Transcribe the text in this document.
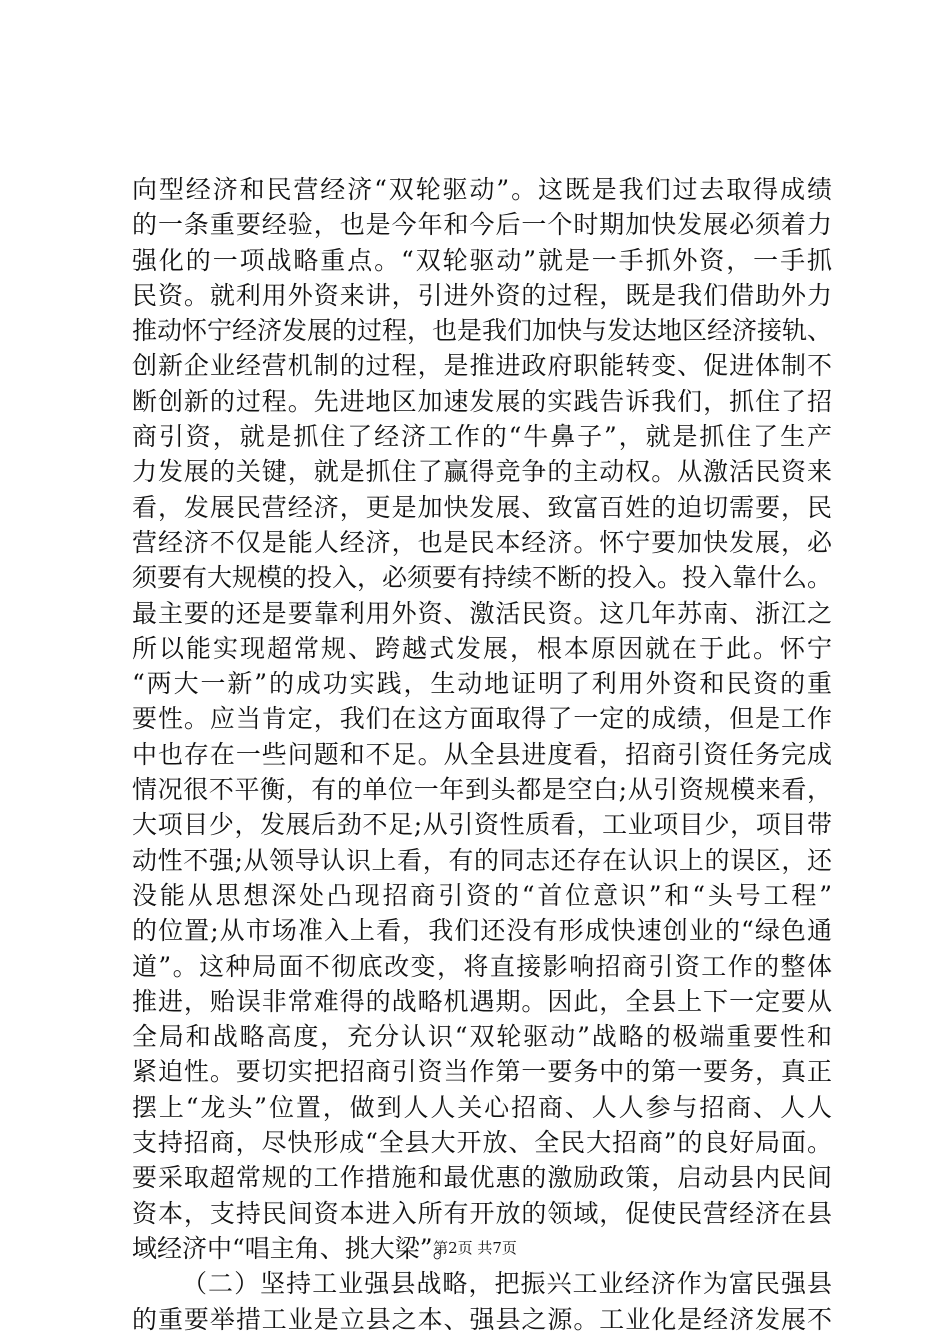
向型经济和民营经济“双轮驱动”。这既是我们过去取得成绩
的一条重要经验，也是今年和今后一个时期加快发展必须着力
强化的一项战略重点。“双轮驱动”就是一手抓外资，一手抓
民资。就利用外资来讲，引进外资的过程，既是我们借助外力
推动怀宁经济发展的过程，也是我们加快与发达地区经济接轨、
创新企业经营机制的过程，是推进政府职能转变、促进体制不
断创新的过程。先进地区加速发展的实践告诉我们，抓住了招
商引资，就是抓住了经济工作的“牛鼻子”，就是抓住了生产
力发展的关键，就是抓住了赢得竞争的主动权。从激活民资来
看，发展民营经济，更是加快发展、致富百姓的迫切需要，民
营经济不仅是能人经济，也是民本经济。怀宁要加快发展，必
须要有大规模的投入，必须要有持续不断的投入。投入靠什么。
最主要的还是要靠利用外资、激活民资。这几年苏南、浙江之
所以能实现超常规、跨越式发展，根本原因就在于此。怀宁
“两大一新”的成功实践，生动地证明了利用外资和民资的重
要性。应当肯定，我们在这方面取得了一定的成绩，但是工作
中也存在一些问题和不足。从全县进度看，招商引资任务完成
情况很不平衡，有的单位一年到头都是空白;从引资规模来看，
大项目少，发展后劲不足;从引资性质看，工业项目少，项目带
动性不强;从领导认识上看，有的同志还存在认识上的误区，还
没能从思想深处凸现招商引资的“首位意识”和“头号工程”
的位置;从市场准入上看，我们还没有形成快速创业的“绿色通
道”。这种局面不彻底改变，将直接影响招商引资工作的整体
推进，贻误非常难得的战略机遇期。因此，全县上下一定要从
全局和战略高度，充分认识“双轮驱动”战略的极端重要性和
紧迫性。要切实把招商引资当作第一要务中的第一要务，真正
摆上“龙头”位置，做到人人关心招商、人人参与招商、人人
支持招商，尽快形成“全县大开放、全民大招商”的良好局面。
要采取超常规的工作措施和最优惠的激励政策，启动县内民间
资本，支持民间资本进入所有开放的领域，促使民营经济在县
域经济中“唱主角、挑大梁”。
（二）坚持工业强县战略，把振兴工业经济作为富民强县
的重要举措工业是立县之本、强县之源。工业化是经济发展不
第2页 共7页
